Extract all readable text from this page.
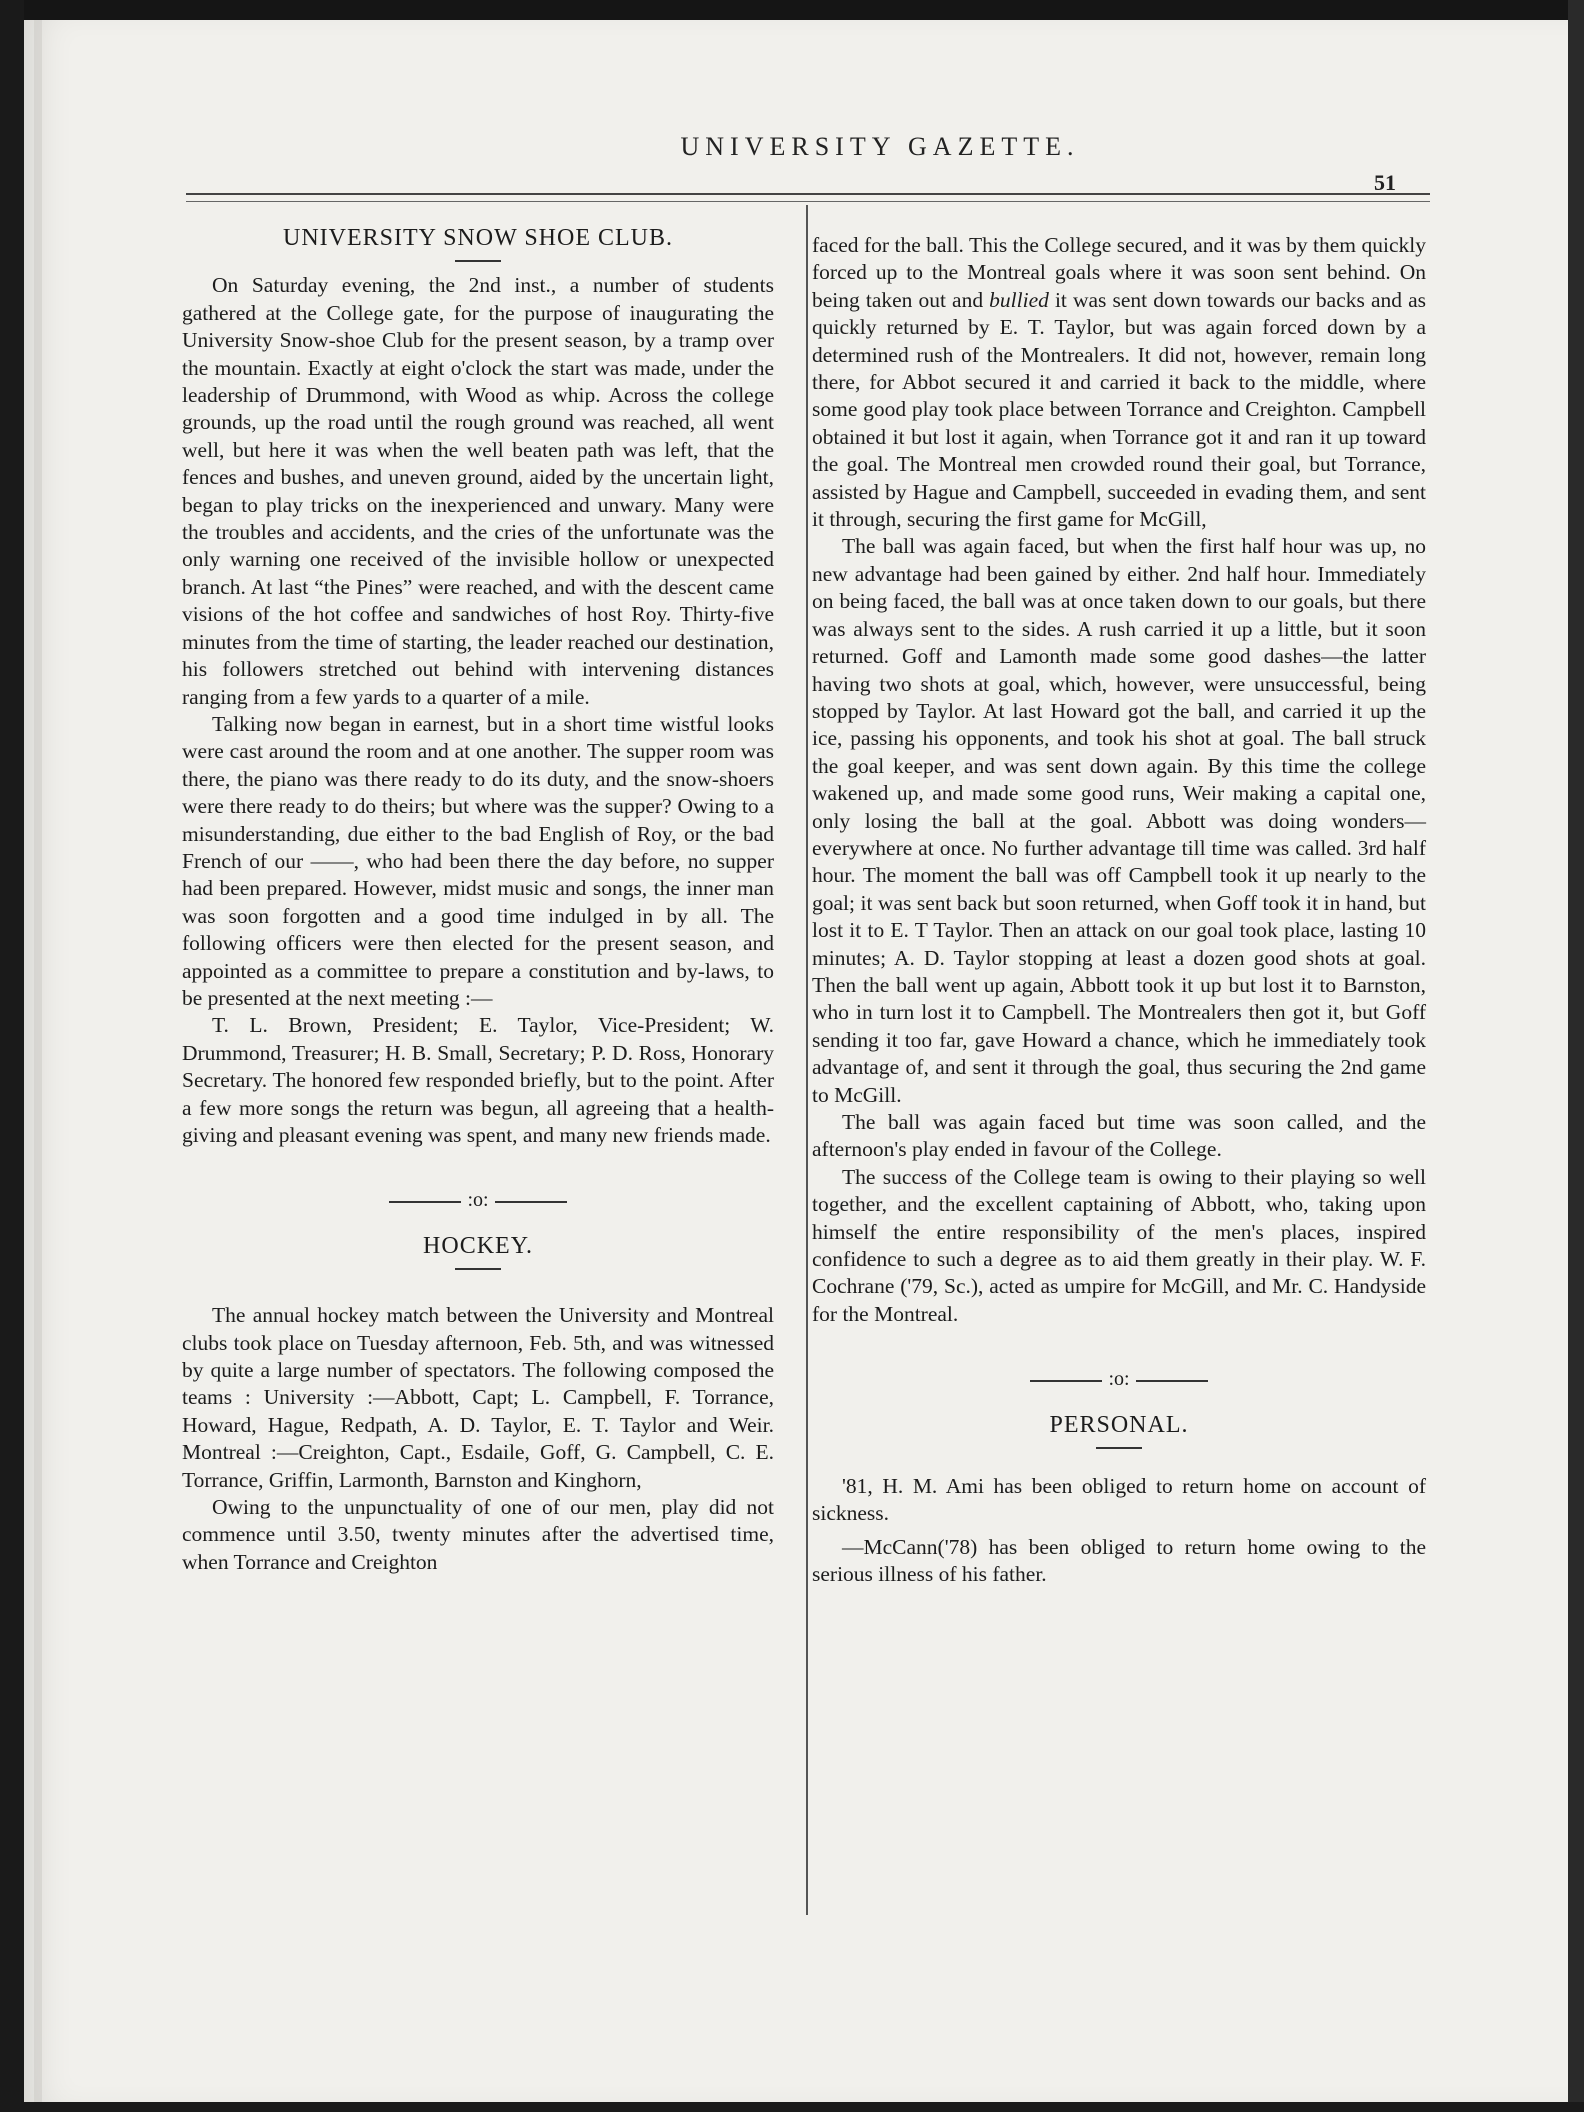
UNIVERSITY GAZETTE.
51
UNIVERSITY SNOW SHOE CLUB.

On Saturday evening, the 2nd inst., a number of students gathered at the College gate, for the purpose of inaugurating the University Snow-shoe Club for the present season, by a tramp over the mountain. Exactly at eight o'clock the start was made, under the leadership of Drummond, with Wood as whip. Across the college grounds, up the road until the rough ground was reached, all went well, but here it was when the well beaten path was left, that the fences and bushes, and uneven ground, aided by the uncertain light, began to play tricks on the inexperienced and unwary. Many were the troubles and accidents, and the cries of the unfortunate was the only warning one received of the invisible hollow or unexpected branch. At last “the Pines” were reached, and with the descent came visions of the hot coffee and sandwiches of host Roy. Thirty-five minutes from the time of starting, the leader reached our destination, his followers stretched out behind with intervening distances ranging from a few yards to a quarter of a mile.

Talking now began in earnest, but in a short time wistful looks were cast around the room and at one another. The supper room was there, the piano was there ready to do its duty, and the snow-shoers were there ready to do theirs; but where was the supper? Owing to a misunderstanding, due either to the bad English of Roy, or the bad French of our ——, who had been there the day before, no supper had been prepared. However, midst music and songs, the inner man was soon forgotten and a good time indulged in by all. The following officers were then elected for the present season, and appointed as a committee to prepare a constitution and by-laws, to be presented at the next meeting :—

T. L. Brown, President; E. Taylor, Vice-President; W. Drummond, Treasurer; H. B. Small, Secretary; P. D. Ross, Honorary Secretary. The honored few responded briefly, but to the point. After a few more songs the return was begun, all agreeing that a health-giving and pleasant evening was spent, and many new friends made.

:o:
HOCKEY.

The annual hockey match between the University and Montreal clubs took place on Tuesday afternoon, Feb. 5th, and was witnessed by quite a large number of spectators. The following composed the teams : University :—Abbott, Capt; L. Campbell, F. Torrance, Howard, Hague, Redpath, A. D. Taylor, E. T. Taylor and Weir. Montreal :—Creighton, Capt., Esdaile, Goff, G. Campbell, C. E. Torrance, Griffin, Larmonth, Barnston and Kinghorn,

Owing to the unpunctuality of one of our men, play did not commence until 3.50, twenty minutes after the advertised time, when Torrance and Creighton

faced for the ball. This the College secured, and it was by them quickly forced up to the Montreal goals where it was soon sent behind. On being taken out and bullied it was sent down towards our backs and as quickly returned by E. T. Taylor, but was again forced down by a determined rush of the Montrealers. It did not, however, remain long there, for Abbot secured it and carried it back to the middle, where some good play took place between Torrance and Creighton. Campbell obtained it but lost it again, when Torrance got it and ran it up toward the goal. The Montreal men crowded round their goal, but Torrance, assisted by Hague and Campbell, succeeded in evading them, and sent it through, securing the first game for McGill,

The ball was again faced, but when the first half hour was up, no new advantage had been gained by either. 2nd half hour. Immediately on being faced, the ball was at once taken down to our goals, but there was always sent to the sides. A rush carried it up a little, but it soon returned. Goff and Lamonth made some good dashes—the latter having two shots at goal, which, however, were unsuccessful, being stopped by Taylor. At last Howard got the ball, and carried it up the ice, passing his opponents, and took his shot at goal. The ball struck the goal keeper, and was sent down again. By this time the college wakened up, and made some good runs, Weir making a capital one, only losing the ball at the goal. Abbott was doing wonders—everywhere at once. No further advantage till time was called. 3rd half hour. The moment the ball was off Campbell took it up nearly to the goal; it was sent back but soon returned, when Goff took it in hand, but lost it to E. T Taylor. Then an attack on our goal took place, lasting 10 minutes; A. D. Taylor stopping at least a dozen good shots at goal. Then the ball went up again, Abbott took it up but lost it to Barnston, who in turn lost it to Campbell. The Montrealers then got it, but Goff sending it too far, gave Howard a chance, which he immediately took advantage of, and sent it through the goal, thus securing the 2nd game to McGill.

The ball was again faced but time was soon called, and the afternoon's play ended in favour of the College.

The success of the College team is owing to their playing so well together, and the excellent captaining of Abbott, who, taking upon himself the entire responsibility of the men's places, inspired confidence to such a degree as to aid them greatly in their play. W. F. Cochrane ('79, Sc.), acted as umpire for McGill, and Mr. C. Handyside for the Montreal.

:o:
PERSONAL.

'81, H. M. Ami has been obliged to return home on account of sickness.

—McCann('78) has been obliged to return home owing to the serious illness of his father.
